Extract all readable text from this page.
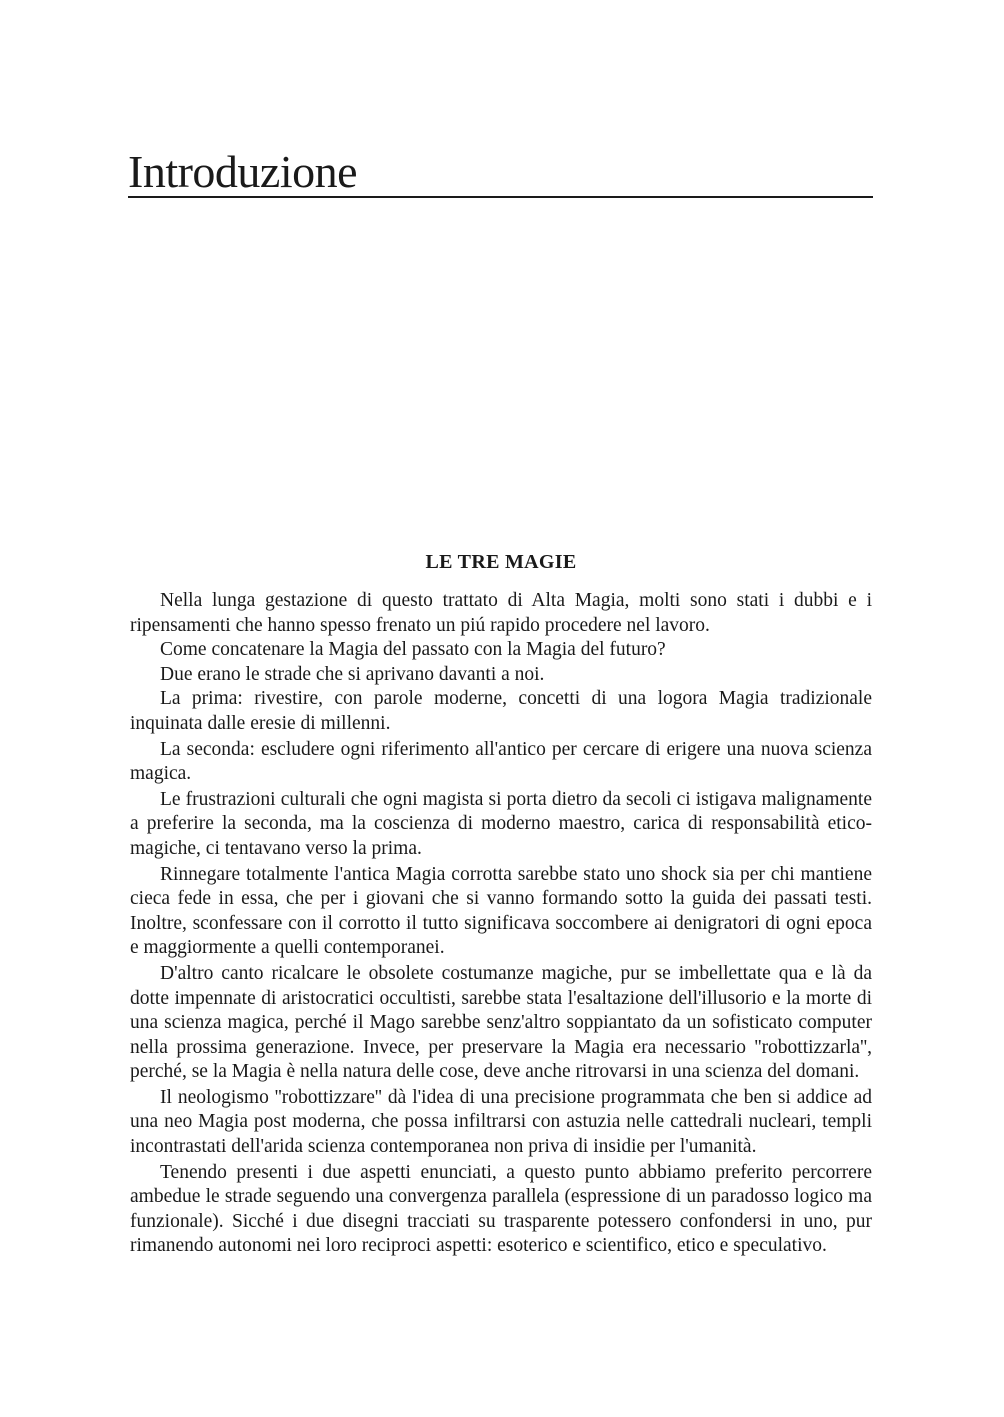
Introduzione
LE TRE MAGIE

Nella lunga gestazione di questo trattato di Alta Magia, molti sono stati i dubbi e i ripensamenti che hanno spesso frenato un piú rapido procedere nel lavoro.

Come concatenare la Magia del passato con la Magia del futuro?

Due erano le strade che si aprivano davanti a noi.

La prima: rivestire, con parole moderne, concetti di una logora Magia tradizionale inquinata dalle eresie di millenni.

La seconda: escludere ogni riferimento all'antico per cercare di erigere una nuova scienza magica.

Le frustrazioni culturali che ogni magista si porta dietro da secoli ci istigava malignamente a preferire la seconda, ma la coscienza di moderno maestro, carica di responsabilità etico-magiche, ci tentavano verso la prima.

Rinnegare totalmente l'antica Magia corrotta sarebbe stato uno shock sia per chi mantiene cieca fede in essa, che per i giovani che si vanno formando sotto la guida dei passati testi. Inoltre, sconfessare con il corrotto il tutto significava soccombere ai denigratori di ogni epoca e maggiormente a quelli contemporanei.

D'altro canto ricalcare le obsolete costumanze magiche, pur se imbellettate qua e là da dotte impennate di aristocratici occultisti, sarebbe stata l'esaltazione dell'illusorio e la morte di una scienza magica, perché il Mago sarebbe senz'altro soppiantato da un sofisticato computer nella prossima generazione. Invece, per preservare la Magia era necessario ''robottizzarla'', perché, se la Magia è nella natura delle cose, deve anche ritrovarsi in una scienza del domani.

Il neologismo ''robottizzare'' dà l'idea di una precisione programmata che ben si addice ad una neo Magia post moderna, che possa infiltrarsi con astuzia nelle cattedrali nucleari, templi incontrastati dell'arida scienza contemporanea non priva di insidie per l'umanità.

Tenendo presenti i due aspetti enunciati, a questo punto abbiamo preferito percorrere ambedue le strade seguendo una convergenza parallela (espressione di un paradosso logico ma funzionale). Sicché i due disegni tracciati su trasparente potessero confondersi in uno, pur rimanendo autonomi nei loro reciproci aspetti: esoterico e scientifico, etico e speculativo.
